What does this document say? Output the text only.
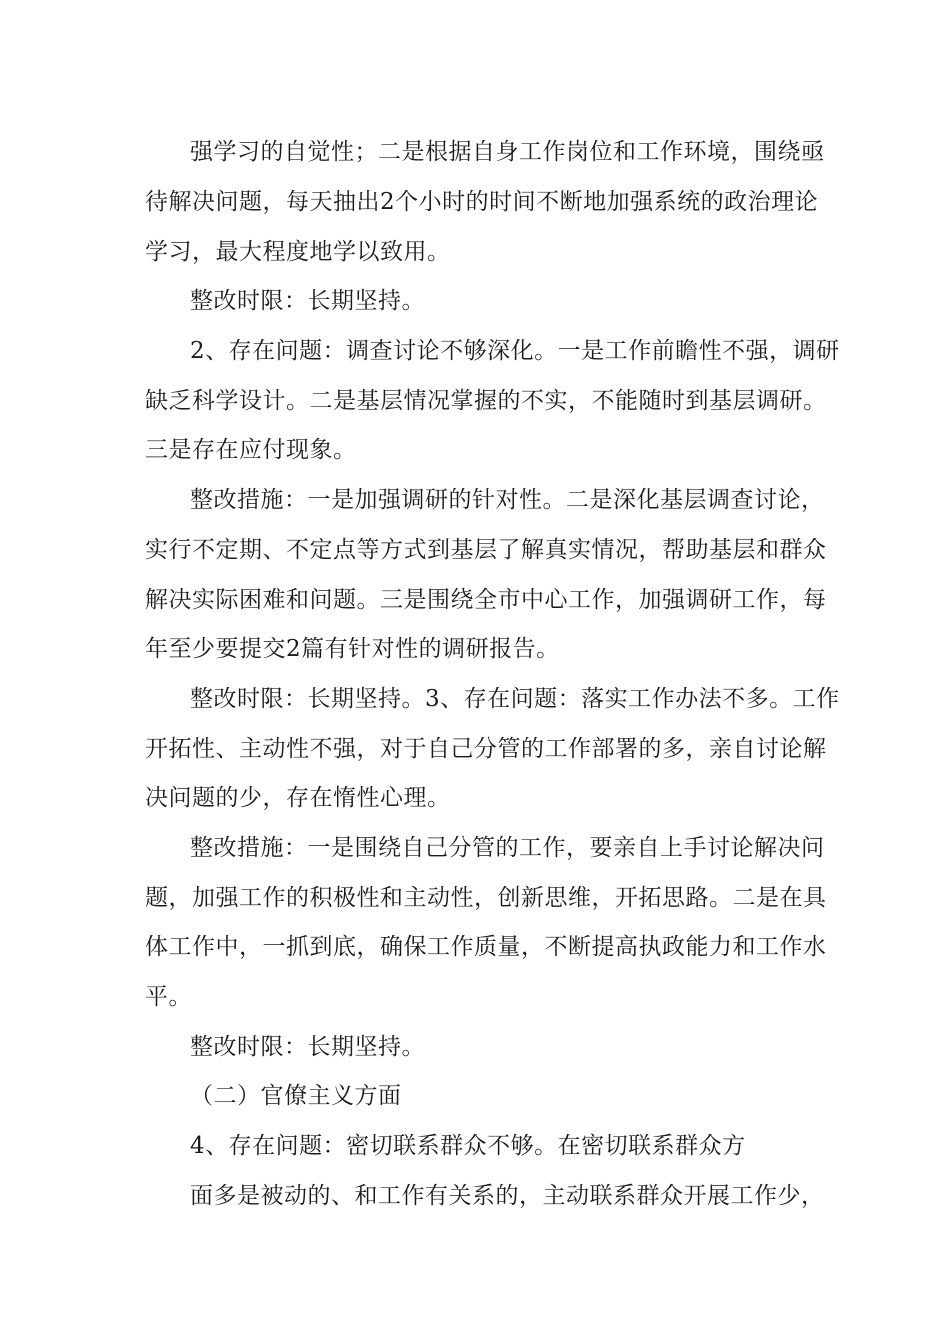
强学习的自觉性；二是根据自身工作岗位和工作环境，围绕亟
待解决问题，每天抽出2个小时的时间不断地加强系统的政治理论
学习，最大程度地学以致用。
整改时限：长期坚持。
2、存在问题：调查讨论不够深化。一是工作前瞻性不强，调研
缺乏科学设计。二是基层情况掌握的不实，不能随时到基层调研。
三是存在应付现象。
整改措施：一是加强调研的针对性。二是深化基层调查讨论，
实行不定期、不定点等方式到基层了解真实情况，帮助基层和群众
解决实际困难和问题。三是围绕全市中心工作，加强调研工作，每
年至少要提交2篇有针对性的调研报告。
整改时限：长期坚持。3、存在问题：落实工作办法不多。工作
开拓性、主动性不强，对于自己分管的工作部署的多，亲自讨论解
决问题的少，存在惰性心理。
整改措施：一是围绕自己分管的工作，要亲自上手讨论解决问
题，加强工作的积极性和主动性，创新思维，开拓思路。二是在具
体工作中，一抓到底，确保工作质量，不断提高执政能力和工作水
平。
整改时限：长期坚持。
（二）官僚主义方面
4、存在问题：密切联系群众不够。在密切联系群众方
面多是被动的、和工作有关系的，主动联系群众开展工作少，
